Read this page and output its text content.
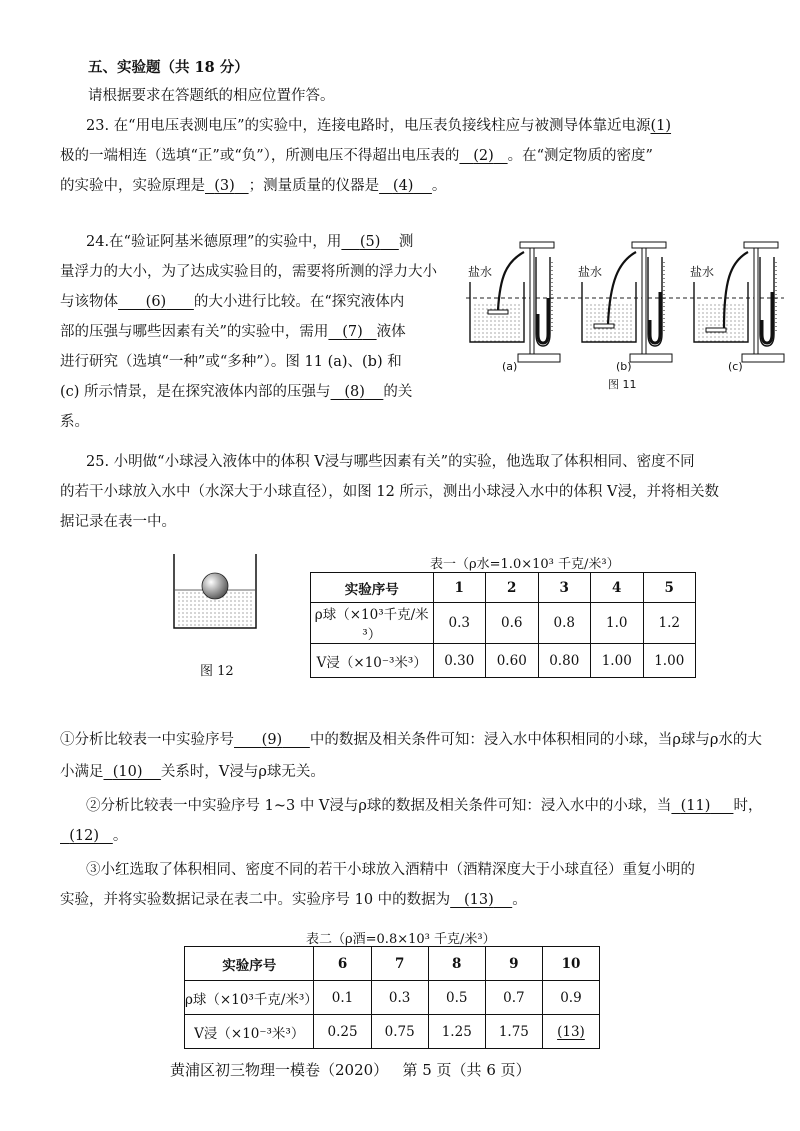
五、实验题（共 18 分）
请根据要求在答题纸的相应位置作答。
23. 在“用电压表测电压”的实验中，连接电路时，电压表负接线柱应与被测导体靠近电源(1)
极的一端相连（选填“正”或“负”），所测电压不得超出电压表的 (2) 。在“测定物质的密度”
的实验中，实验原理是 (3) ；测量质量的仪器是 (4) 。
24.在“验证阿基米德原理”的实验中，用 (5) 测
量浮力的大小，为了达成实验目的，需要将所测的浮力大小
与该物体 (6) 的大小进行比较。在“探究液体内
部的压强与哪些因素有关”的实验中，需用 (7) 液体
进行研究（选填“一种”或“多种”）。图 11 (a)、(b) 和
(c) 所示情景，是在探究液体内部的压强与 (8) 的关
系。
盐水	盐水	盐水
(a)	(b)	(c)
图 11
25. 小明做“小球浸入液体中的体积 V浸与哪些因素有关”的实验，他选取了体积相同、密度不同
的若干小球放入水中（水深大于小球直径），如图 12 所示，测出小球浸入水中的体积 V浸，并将相关数
据记录在表一中。
图 12
表一（ρ水=1.0×10³ 千克/米³）
实验序号	1	2	3	4	5
ρ球（×10³千克/米³）	0.3	0.6	0.8	1.0	1.2
V浸（×10⁻³米³）	0.30	0.60	0.80	1.00	1.00
①分析比较表一中实验序号 (9) 中的数据及相关条件可知：浸入水中体积相同的小球，当ρ球与ρ水的大
小满足 (10) 关系时，V浸与ρ球无关。
②分析比较表一中实验序号 1~3 中 V浸与ρ球的数据及相关条件可知：浸入水中的小球，当 (11) 时，
(12) 。
③小红选取了体积相同、密度不同的若干小球放入酒精中（酒精深度大于小球直径）重复小明的
实验，并将实验数据记录在表二中。实验序号 10 中的数据为 (13) 。
表二（ρ酒=0.8×10³ 千克/米³）
实验序号	6	7	8	9	10
ρ球（×10³千克/米³）	0.1	0.3	0.5	0.7	0.9
V浸（×10⁻³米³）	0.25	0.75	1.25	1.75	(13)
黄浦区初三物理一模卷（2020）   第 5 页（共 6 页）
